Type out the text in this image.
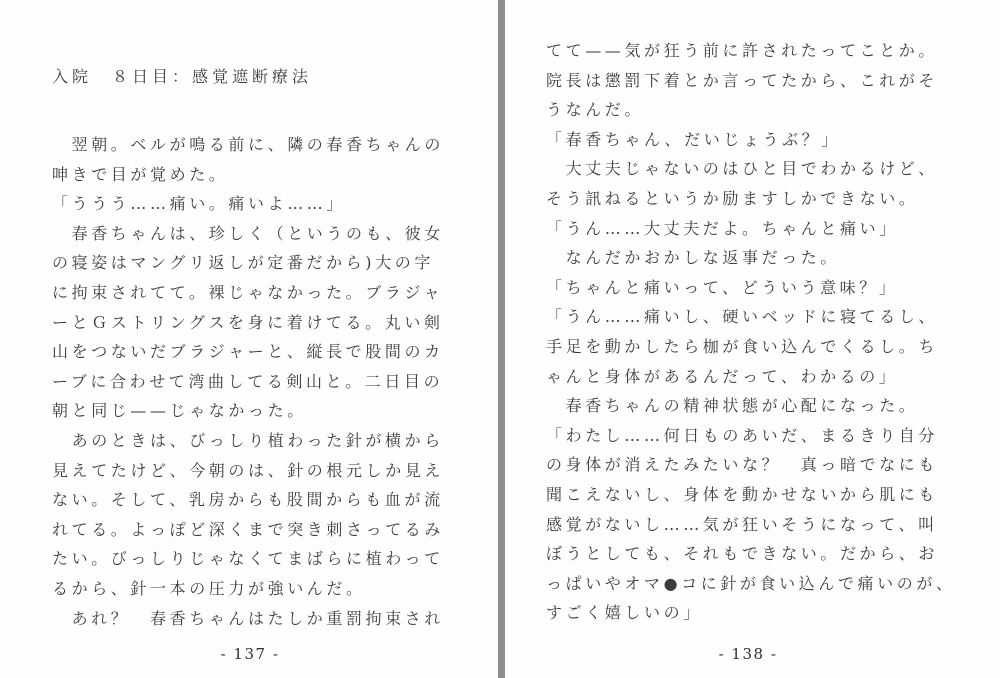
入院　８日目：感覚遮断療法
　翌朝。ベルが鳴る前に、隣の春香ちゃんの
呻きで目が覚めた。
「ううう……痛い。痛いよ……」
　春香ちゃんは、珍しく（というのも、彼女
の寝姿はマングリ返しが定番だから)大の字
に拘束されてて。裸じゃなかった。ブラジャ
ーとＧストリングスを身に着けてる。丸い剣
山をつないだブラジャーと、縦長で股間のカ
ーブに合わせて湾曲してる剣山と。二日目の
朝と同じ——じゃなかった。
　あのときは、びっしり植わった針が横から
見えてたけど、今朝のは、針の根元しか見え
ない。そして、乳房からも股間からも血が流
れてる。よっぽど深くまで突き刺さってるみ
たい。びっしりじゃなくてまばらに植わって
るから、針一本の圧力が強いんだ。
　あれ？　春香ちゃんはたしか重罰拘束され
- 137 -
てて——気が狂う前に許されたってことか。
院長は懲罰下着とか言ってたから、これがそ
うなんだ。
「春香ちゃん、だいじょうぶ？」
　大丈夫じゃないのはひと目でわかるけど、
そう訊ねるというか励ますしかできない。
「うん……大丈夫だよ。ちゃんと痛い」
　なんだかおかしな返事だった。
「ちゃんと痛いって、どういう意味？」
「うん……痛いし、硬いベッドに寝てるし、
手足を動かしたら枷が食い込んでくるし。ち
ゃんと身体があるんだって、わかるの」
　春香ちゃんの精神状態が心配になった。
「わたし……何日ものあいだ、まるきり自分
の身体が消えたみたいな？　真っ暗でなにも
聞こえないし、身体を動かせないから肌にも
感覚がないし……気が狂いそうになって、叫
ぼうとしても、それもできない。だから、お
っぱいやオマ●コに針が食い込んで痛いのが、
すごく嬉しいの」
- 138 -
